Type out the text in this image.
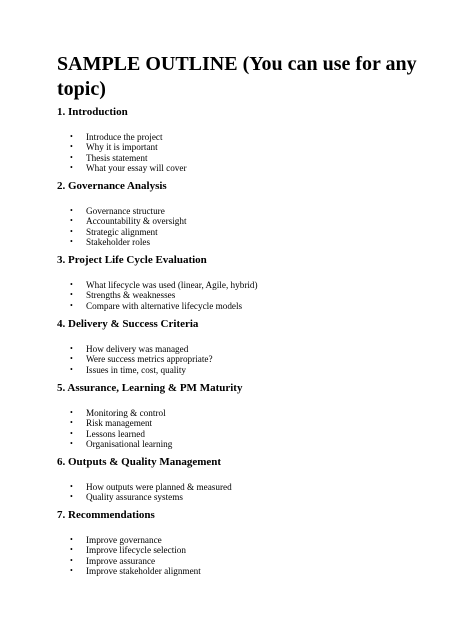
SAMPLE OUTLINE (You can use for any topic)
1. Introduction
• Introduce the project
• Why it is important
• Thesis statement
• What your essay will cover
2. Governance Analysis
• Governance structure
• Accountability & oversight
• Strategic alignment
• Stakeholder roles
3. Project Life Cycle Evaluation
• What lifecycle was used (linear, Agile, hybrid)
• Strengths & weaknesses
• Compare with alternative lifecycle models
4. Delivery & Success Criteria
• How delivery was managed
• Were success metrics appropriate?
• Issues in time, cost, quality
5. Assurance, Learning & PM Maturity
• Monitoring & control
• Risk management
• Lessons learned
• Organisational learning
6. Outputs & Quality Management
• How outputs were planned & measured
• Quality assurance systems
7. Recommendations
• Improve governance
• Improve lifecycle selection
• Improve assurance
• Improve stakeholder alignment
